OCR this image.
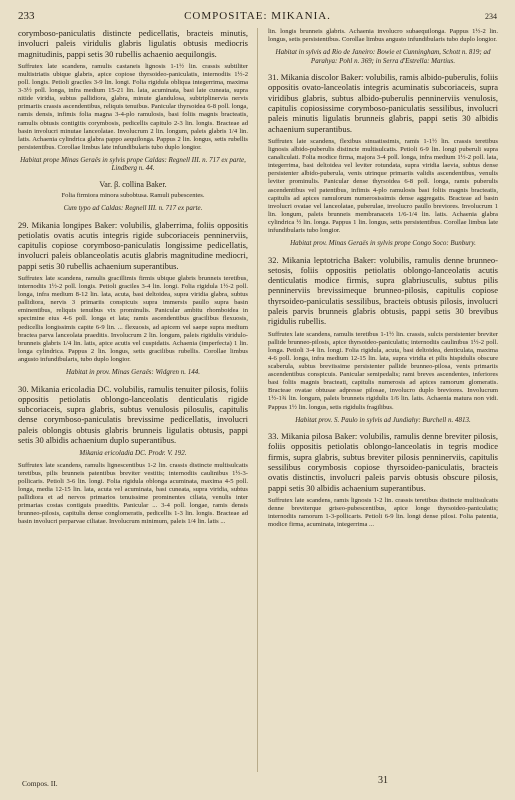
233	COMPOSITAE: MIKANIA.	234

corymboso-paniculatis distincte pedicellatis, bracteis minutis, involucri paleis viridulis glabris ligulatis obtusis mediocris magnitudinis, pappi setis 30 rubellis achaenio aequilongis.

Suffrutex late scandens, ramulis castaneis lignosis 1-1½ lin. crassis subtiliter multistriatis ubique glabris, apice copiose thyrsoideo-paniculatis, internodiis 1½-2 poll. longis. Petioli graciles 3-9 lin. longi. Folia rigidula obliqua integerrima, maxima 3-3½ poll. longa, infra medium 15-21 lin. lata, acuminata, basi late cuneata, supra nitide viridia, subtus pallidiora, glabra, minute glandulosa, subtriplinervia nervis primariis crassis ascendentibus, reliquis tenuibus. Panicular thyrsoidea 6-8 poll. longa, ramis densis, infimis folia magna 3-4-plo ramulosis, basi foliis magnis bracteatis, ramulis obtusis contigitis corymbosis, pedicellis capitulo 2-3 lin. longis. Bracteae ad basin involucri minutae lanceolatae. Involucrum 2 lin. longum, paleis glabris 1/4 lin. latis. Achaenia cylindrica glabra pappo aequilonga. Pappus 2 lin. longus, setis rubellis persistentibus. Corollae limbus late infundibularis tubo duplo longior.

Habitat prope Minas Geraës in sylvis prope Caldas: Regnell III. n. 717 ex parte, Lindberg n. 44.

Var. β. collina Baker.

Folia firmiora minora subobtusa. Ramuli pubescentes.

Cum typo ad Caldas: Regnell III. n. 717 ex parte.

29. Mikania longipes Baker: volubilis, glaberrima, foliis oppositis petiolatis ovatis acutis integris rigide subcoriaceis penninerviis, capitulis copiose corymboso-paniculatis longissime pedicellatis, involucri paleis oblanceolatis acutis glabris magnitudine mediocri, pappi setis 30 rubellis achaenium superantibus.

Suffrutex late scandens, ramulis gracillimis firmis ubique glabris brunneis teretibus, internodiis 1½-2 poll. longis. Petioli graciles 3-4 lin. longi. Folia rigidula 1½-2 poll. longa, infra medium 8-12 lin. lata, acuta, basi deltoidea, supra viridia glabra, subtus pallidiora, nervis 3 primariis conspicuis supra immersis paullo supra basin eminentibus, reliquis tenuibus vix prominulis. Panicular ambitu rhomboidea in specimine eius 4-6 poll. longa et lata; ramis ascendentibus gracilibus flexuosis, pedicellis longissimis capite 6-9 lin. ... flexuosis, ad apicem vel saepe supra medium bractea parva lanceolata praeditis. Involucrum 2 lin. longum, paleis rigidulis viridulo-brunneis glabris 1/4 lin. latis, apice acutis vel cuspidatis. Achaenia (imperfecta) 1 lin. longa cylindrica. Pappus 2 lin. longus, setis gracilibus rubellis. Corollae limbus angusto infundibularis, tubo duplo longior.

Habitat in prov. Minas Geraës: Widgren n. 144.

30. Mikania ericoladia DC. volubilis, ramulis tenuiter pilosis, foliis oppositis petiolatis oblongo-lanceolatis denticulatis rigide subcoriaceis, supra glabris, subtus venulosis pilosulis, capitulis dense corymboso-paniculatis brevissime pedicellatis, involucri paleis oblongis obtusis glabris brunneis ligulatis obtusis, pappi setis 30 albidis achaenium duplo superantibus.

Mikania ericoladia DC. Prodr. V. 192.

Suffrutex late scandens, ramulis lignescentibus 1-2 lin. crassis distincte multisulcatis teretibus, pilis brunneis patentibus breviter vestitis; internodiis caulinibus 1½-3-pollicaris. Petioli 3-6 lin. longi. Folia rigidula oblonga acuminata, maxima 4-5 poll. longa, media 12-15 lin. lata, acuta vel acuminata, basi cuneata, supra viridia, subtus pallidiora et ad nervos primarios tenuissime prominentes ciliata, venulis inter primarias costas contiguis praeditis. Panicular ... 3-4 poll. longae, ramis densis brunneo-pilosis, capitulis dense conglomeratis, pedicellis 1-3 lin. longis. Bracteae ad basin involucri perparvae ciliatae. Involucrum minimum, paleis 1/4 lin. latis ...

lin. longis brunneis glabris. Achaenia involucro subaequilonga. Pappus 1½-2 lin. longus, setis persistentibus. Corollae limbus angusto infundibularis tubo duplo longior.

Habitat in sylvis ad Rio de Janeiro: Bowie et Cunningham, Schott n. 819; ad Parahya: Pohl n. 369; in Serra d'Estrella: Martius.

31. Mikania discolor Baker: volubilis, ramis albido-puberulis, foliis oppositis ovato-lanceolatis integris acuminatis subcoriaceis, supra viridibus glabris, subtus albido-puberulis penninerviis venulosis, capitulis copiosissime corymboso-paniculatis sessilibus, involucri paleis minutis ligulatis brunneis glabris, pappi setis 30 albidis achaenium superantibus.

Suffrutex late scandens, flexibus sinuatissimis, ramis 1-1½ lin. crassis teretibus lignosis albido-puberulis distincte multisulcatis. Petioli 6-9 lin. longi puberuli supra canaliculati. Folia modice firma, majora 3-4 poll. longa, infra medium 1½-2 poll. lata, integerrima, basi deltoidea vel leviter rotundata, supra viridia laevia, subtus dense persistenter albido-puberula, venis utrinque primariis validis ascendentibus, venulis leviter prominulis. Panicular dense thyrsoidea 6-8 poll. longa, ramis puberulis ascendentibus vel patentibus, infimis 4-plo ramulosis basi foliis magnis bracteatis, capitulis ad apices ramulorum numerosissimis dense aggregatis. Bracteae ad basin involucri ovatae vel lanceolatae, puberulae, involucro paullo breviores. Involucrum 1 lin. longum, paleis brunneis membranaceis 1/6-1/4 lin. latis. Achaenia glabra cylindrica ½ lin. longa. Pappus 1 lin. longus, setis persistentibus. Corollae limbus late infundibularis tubo longior.

Habitat prov. Minas Geraës in sylvis prope Congo Soco: Bunbury.

32. Mikania leptotricha Baker: volubilis, ramulis denne brunneo-setosis, foliis oppositis petiolatis oblongo-lanceolatis acutis denticulatis modice firmis, supra glabriusculis, subtus pilis penninerviis brevissimeque brunneo-pilosis, capitulis copiose thyrsoideo-paniculatis sessilibus, bracteis obtusis pilosis, involucri paleis parvis brunneis glabris obtusis, pappi setis 30 brevibus rigidulis rubellis.

Suffrutex late scandens, ramulis teretibus 1-1½ lin. crassis, sulcis persistenter breviter pallide brunneo-pilosis, apice thyrsoideo-paniculatis; internodiis caulinibus 1½-2 poll. longa. Petioli 3-4 lin. longi. Folia rigidula, acuta, basi deltoidea, denticulata, maxima 4-6 poll. longa, infra medium 12-15 lin. lata, supra viridia et pilis hispidulis obscure scaberula, subtus breviissime persistenter pallide brunneo-pilosa, venis primariis ascendentibus conspicuis. Panicular semipedalis; rami breves ascendentes, inferiores basi foliis magnis bracteati, capitulis numerosis ad apices ramorum glomeratis. Bracteae ovatae obtusae adpresse pilosae, involucro duplo breviores. Involucrum 1½-1¾ lin. longum, paleis brunneis rigidulis 1/6 lin. latis. Achaenia matura non vidi. Pappus 1½ lin. longus, setis rigidulis fragilibus.

Habitat prov. S. Paulo in sylvis ad Jundiahy: Burchell n. 4813.

33. Mikania pilosa Baker: volubilis, ramulis denne breviter pilosis, foliis oppositis petiolatis oblongo-lanceolatis in tegris modice firmis, supra glabris, subtus breviter pilosis penninerviis, capitulis sessilibus corymbosis copiose thyrsoideo-paniculatis, bracteis ovatis distinctis, involucri paleis parvis obtusis obscure pilosis, pappi setis 30 albidis achaenium superantibus.

Suffrutex late scandens, ramis lignosis 1-2 lin. crassis teretibus distincte multisulcatis denne breviterque griseo-pubescentibus, apice longe thyrsoideo-paniculatis; internodiis ramorum 1-3-pollicaris. Petioli 6-9 lin. longi dense pilosi. Folia patentia, modice firma, acuminata, integerrima ...

Compos. II.	31
